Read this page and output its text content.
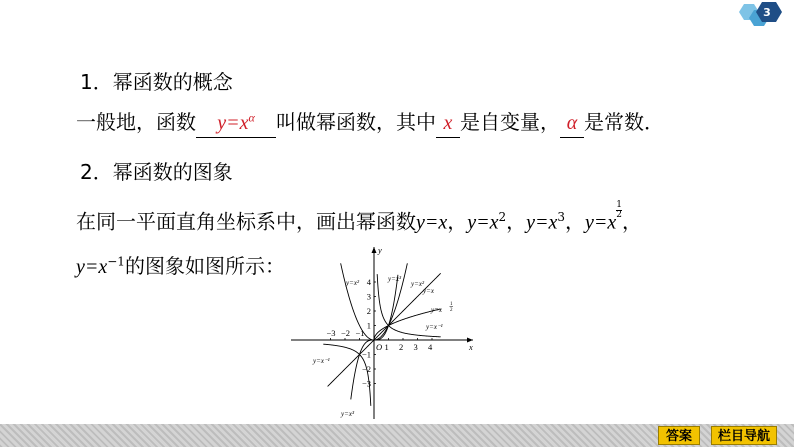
3
1．幂函数的概念
一般地，函数 $y=x^\alpha$ 叫做幂函数，其中 x 是自变量， α 是常数．
2．幂函数的图象
在同一平面直角坐标系中，画出幂函数y=x，$y=x^2$，$y=x^3$，y=x
$\frac{1}{2}$ ，
$y=x^{-1}$的图象如图所示：
x
y
O
−3 −2 −1
1 2 3 4
4
3
2
1
−1
−2
−3
y=x²	y=x³
y=x²
y=x
y=x
1
2
y=x⁻¹
y=x⁻¹
y=x³
答案	栏目导航
